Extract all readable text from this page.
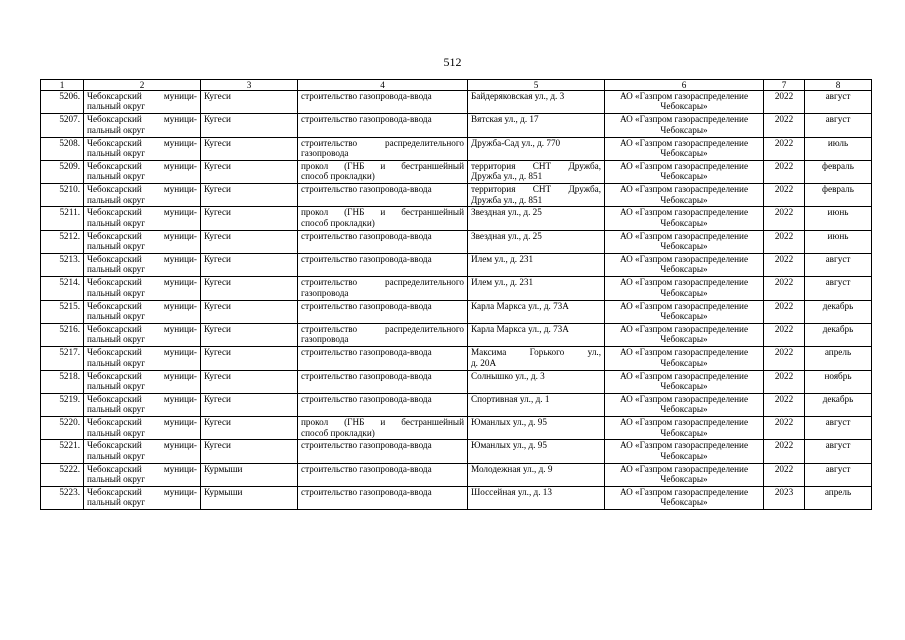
512
1	2	3	4	5	6	7	8

5206.	Чебоксарский муници-
пальный округ	Кугеси	строительство газопровода-ввода	Байдеряковская ул., д. 3	АО «Газпром газораспределение
Чебоксары»	2022	август

5207.	Чебоксарский муници-
пальный округ	Кугеси	строительство газопровода-ввода	Вятская ул., д. 17	АО «Газпром газораспределение
Чебоксары»	2022	август

5208.	Чебоксарский муници-
пальный округ	Кугеси	строительство распределительного
газопровода	Дружба-Сад ул., д. 770	АО «Газпром газораспределение
Чебоксары»	2022	июль

5209.	Чебоксарский муници-
пальный округ	Кугеси	прокол (ГНБ и бестраншейный
способ прокладки)	территория СНТ Дружба,
Дружба ул., д. 851	АО «Газпром газораспределение
Чебоксары»	2022	февраль

5210.	Чебоксарский муници-
пальный округ	Кугеси	строительство газопровода-ввода	территория СНТ Дружба,
Дружба ул., д. 851	АО «Газпром газораспределение
Чебоксары»	2022	февраль

5211.	Чебоксарский муници-
пальный округ	Кугеси	прокол (ГНБ и бестраншейный
способ прокладки)	Звездная ул., д. 25	АО «Газпром газораспределение
Чебоксары»	2022	июнь

5212.	Чебоксарский муници-
пальный округ	Кугеси	строительство газопровода-ввода	Звездная ул., д. 25	АО «Газпром газораспределение
Чебоксары»	2022	июнь

5213.	Чебоксарский муници-
пальный округ	Кугеси	строительство газопровода-ввода	Илем ул., д. 231	АО «Газпром газораспределение
Чебоксары»	2022	август

5214.	Чебоксарский муници-
пальный округ	Кугеси	строительство распределительного
газопровода	Илем ул., д. 231	АО «Газпром газораспределение
Чебоксары»	2022	август

5215.	Чебоксарский муници-
пальный округ	Кугеси	строительство газопровода-ввода	Карла Маркса ул., д. 73А	АО «Газпром газораспределение
Чебоксары»	2022	декабрь

5216.	Чебоксарский муници-
пальный округ	Кугеси	строительство распределительного
газопровода	Карла Маркса ул., д. 73А	АО «Газпром газораспределение
Чебоксары»	2022	декабрь

5217.	Чебоксарский муници-
пальный округ	Кугеси	строительство газопровода-ввода	Максима Горького ул.,
д. 20А	АО «Газпром газораспределение
Чебоксары»	2022	апрель

5218.	Чебоксарский муници-
пальный округ	Кугеси	строительство газопровода-ввода	Солнышко ул., д. 3	АО «Газпром газораспределение
Чебоксары»	2022	ноябрь

5219.	Чебоксарский муници-
пальный округ	Кугеси	строительство газопровода-ввода	Спортивная ул., д. 1	АО «Газпром газораспределение
Чебоксары»	2022	декабрь

5220.	Чебоксарский муници-
пальный округ	Кугеси	прокол (ГНБ и бестраншейный
способ прокладки)	Юманлых ул., д. 95	АО «Газпром газораспределение
Чебоксары»	2022	август

5221.	Чебоксарский муници-
пальный округ	Кугеси	строительство газопровода-ввода	Юманлых ул., д. 95	АО «Газпром газораспределение
Чебоксары»	2022	август

5222.	Чебоксарский муници-
пальный округ	Курмыши	строительство газопровода-ввода	Молодежная ул., д. 9	АО «Газпром газораспределение
Чебоксары»	2022	август

5223.	Чебоксарский муници-
пальный округ	Курмыши	строительство газопровода-ввода	Шоссейная ул., д. 13	АО «Газпром газораспределение
Чебоксары»	2023	апрель
